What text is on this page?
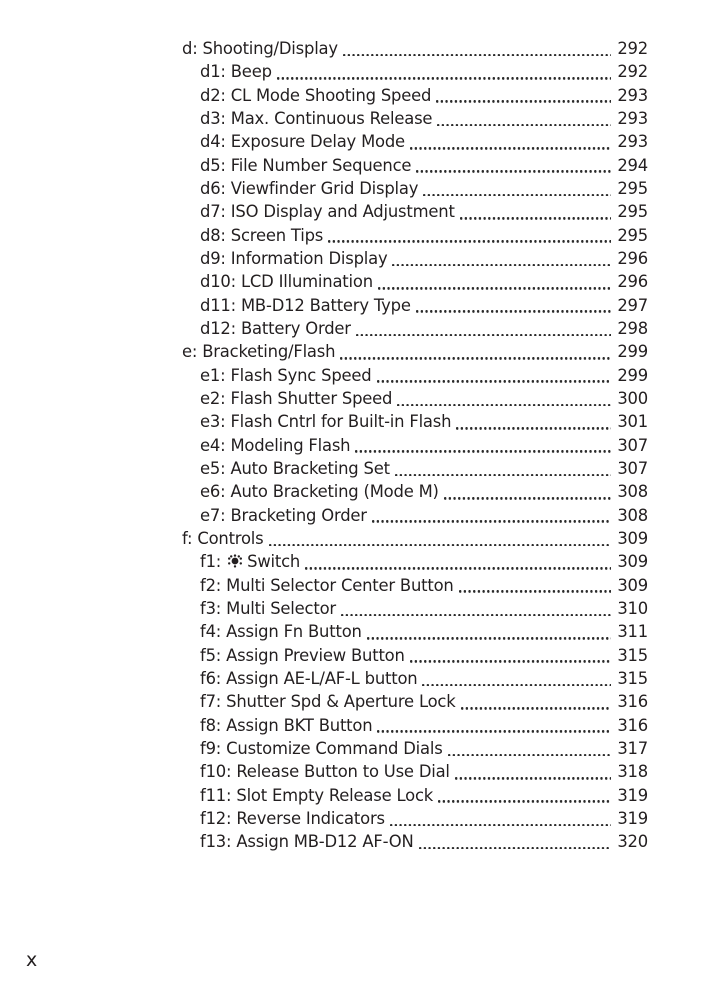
d: Shooting/Display	292
d1: Beep	292
d2: CL Mode Shooting Speed	293
d3: Max. Continuous Release	293
d4: Exposure Delay Mode	293
d5: File Number Sequence	294
d6: Viewfinder Grid Display	295
d7: ISO Display and Adjustment	295
d8: Screen Tips	295
d9: Information Display	296
d10: LCD Illumination	296
d11: MB-D12 Battery Type	297
d12: Battery Order	298
e: Bracketing/Flash	299
e1: Flash Sync Speed	299
e2: Flash Shutter Speed	300
e3: Flash Cntrl for Built-in Flash	301
e4: Modeling Flash	307
e5: Auto Bracketing Set	307
e6: Auto Bracketing (Mode M)	308
e7: Bracketing Order	308
f: Controls	309
f1: Switch	309
f2: Multi Selector Center Button	309
f3: Multi Selector	310
f4: Assign Fn Button	311
f5: Assign Preview Button	315
f6: Assign AE-L/AF-L button	315
f7: Shutter Spd & Aperture Lock	316
f8: Assign BKT Button	316
f9: Customize Command Dials	317
f10: Release Button to Use Dial	318
f11: Slot Empty Release Lock	319
f12: Reverse Indicators	319
f13: Assign MB-D12 AF-ON	320
x
